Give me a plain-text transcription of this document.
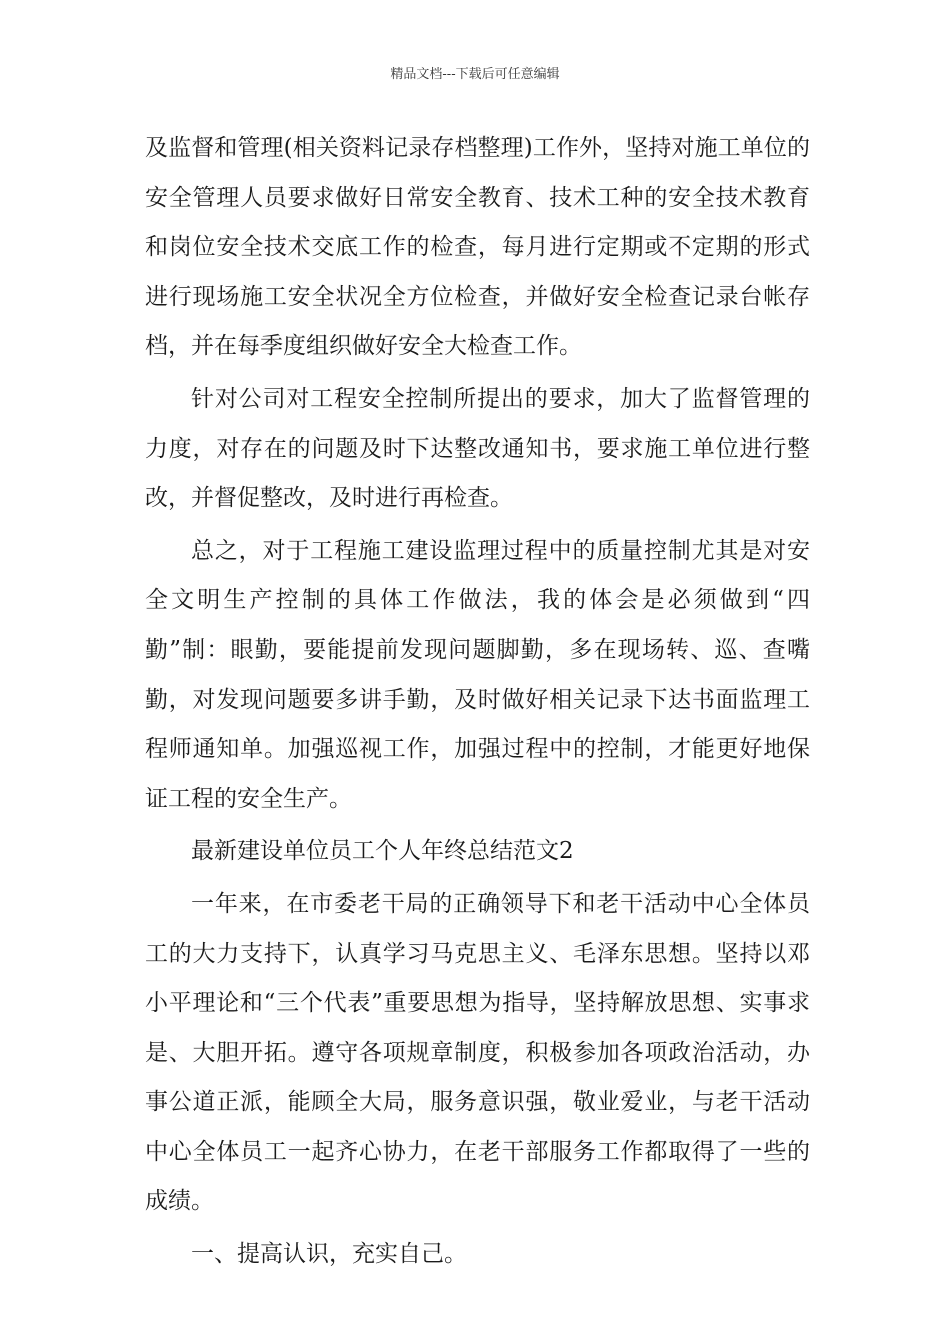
精品文档---下载后可任意编辑

及监督和管理(相关资料记录存档整理)工作外，坚持对施工单位的安全管理人员要求做好日常安全教育、技术工种的安全技术教育和岗位安全技术交底工作的检查，每月进行定期或不定期的形式进行现场施工安全状况全方位检查，并做好安全检查记录台帐存档，并在每季度组织做好安全大检查工作。

针对公司对工程安全控制所提出的要求，加大了监督管理的力度，对存在的问题及时下达整改通知书，要求施工单位进行整改，并督促整改，及时进行再检查。

总之，对于工程施工建设监理过程中的质量控制尤其是对安全文明生产控制的具体工作做法，我的体会是必须做到“四勤”制：眼勤，要能提前发现问题脚勤，多在现场转、巡、查嘴勤，对发现问题要多讲手勤，及时做好相关记录下达书面监理工程师通知单。加强巡视工作，加强过程中的控制，才能更好地保证工程的安全生产。

最新建设单位员工个人年终总结范文2

一年来，在市委老干局的正确领导下和老干活动中心全体员工的大力支持下，认真学习马克思主义、毛泽东思想。坚持以邓小平理论和“三个代表”重要思想为指导，坚持解放思想、实事求是、大胆开拓。遵守各项规章制度，积极参加各项政治活动，办事公道正派，能顾全大局，服务意识强，敬业爱业，与老干活动中心全体员工一起齐心协力，在老干部服务工作都取得了一些的成绩。

一、提高认识，充实自己。
